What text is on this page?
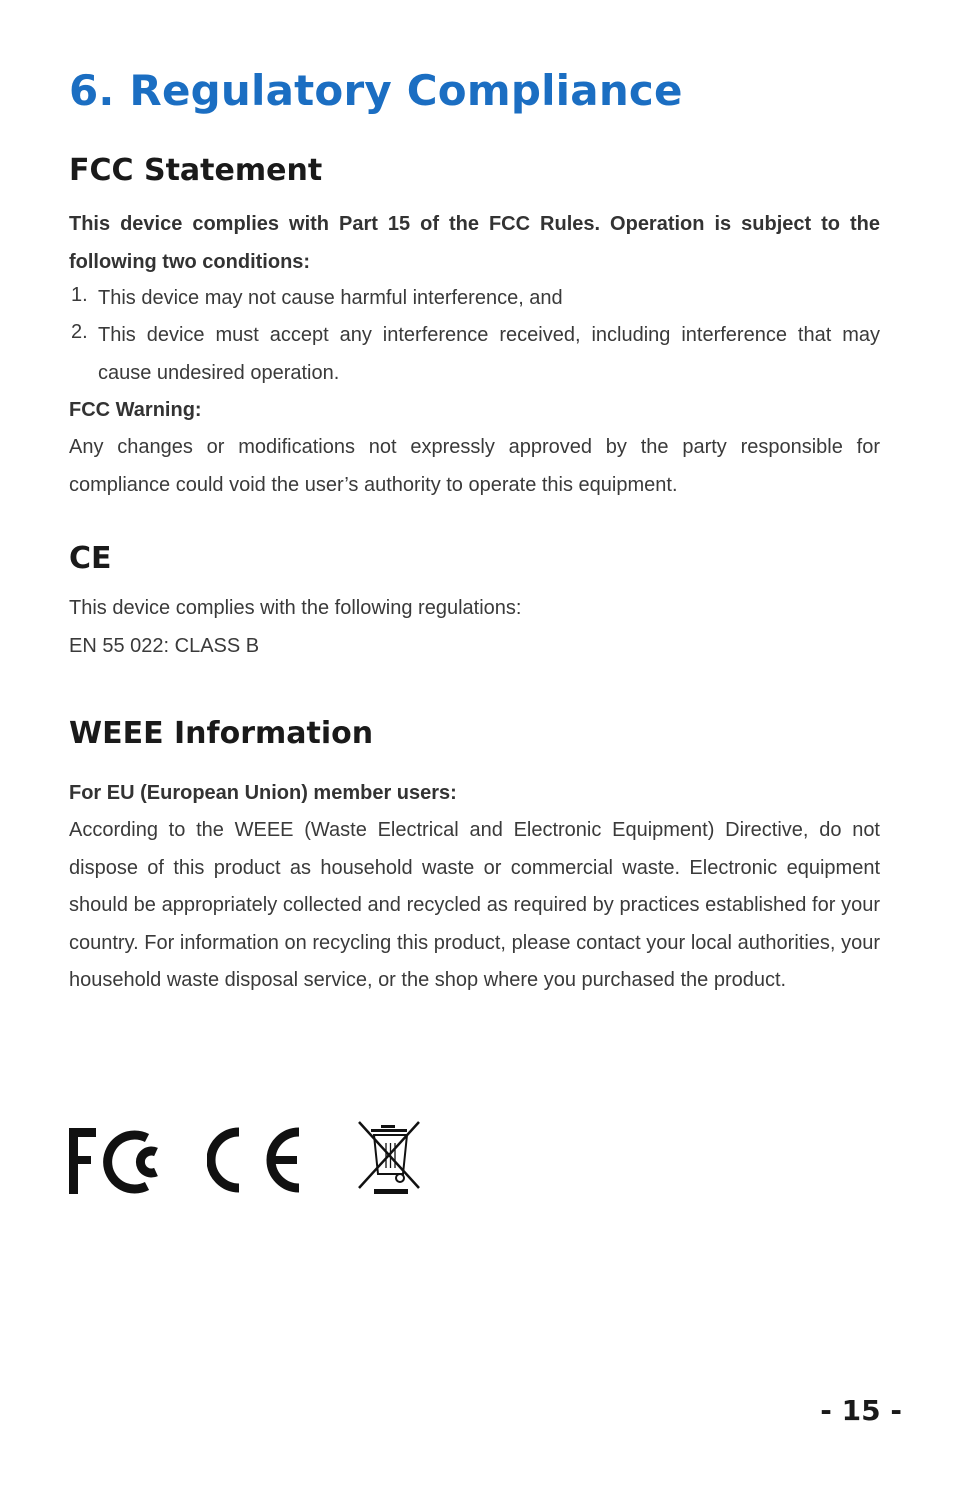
6. Regulatory Compliance
FCC Statement

This device complies with Part 15 of the FCC Rules. Operation is subject to the following two conditions:

1. This device may not cause harmful interference, and
2. This device must accept any interference received, including interference that may cause undesired operation.

FCC Warning:

Any changes or modifications not expressly approved by the party responsible for compliance could void the user’s authority to operate this equipment.

CE

This device complies with the following regulations:

EN 55 022: CLASS B

WEEE Information

For EU (European Union) member users:

According to the WEEE (Waste Electrical and Electronic Equipment) Directive, do not dispose of this product as household waste or commercial waste. Electronic equipment should be appropriately collected and recycled as required by practices established for your country. For information on recycling this product, please contact your local authorities, your household waste disposal service, or the shop where you purchased the product.

- 15 -
